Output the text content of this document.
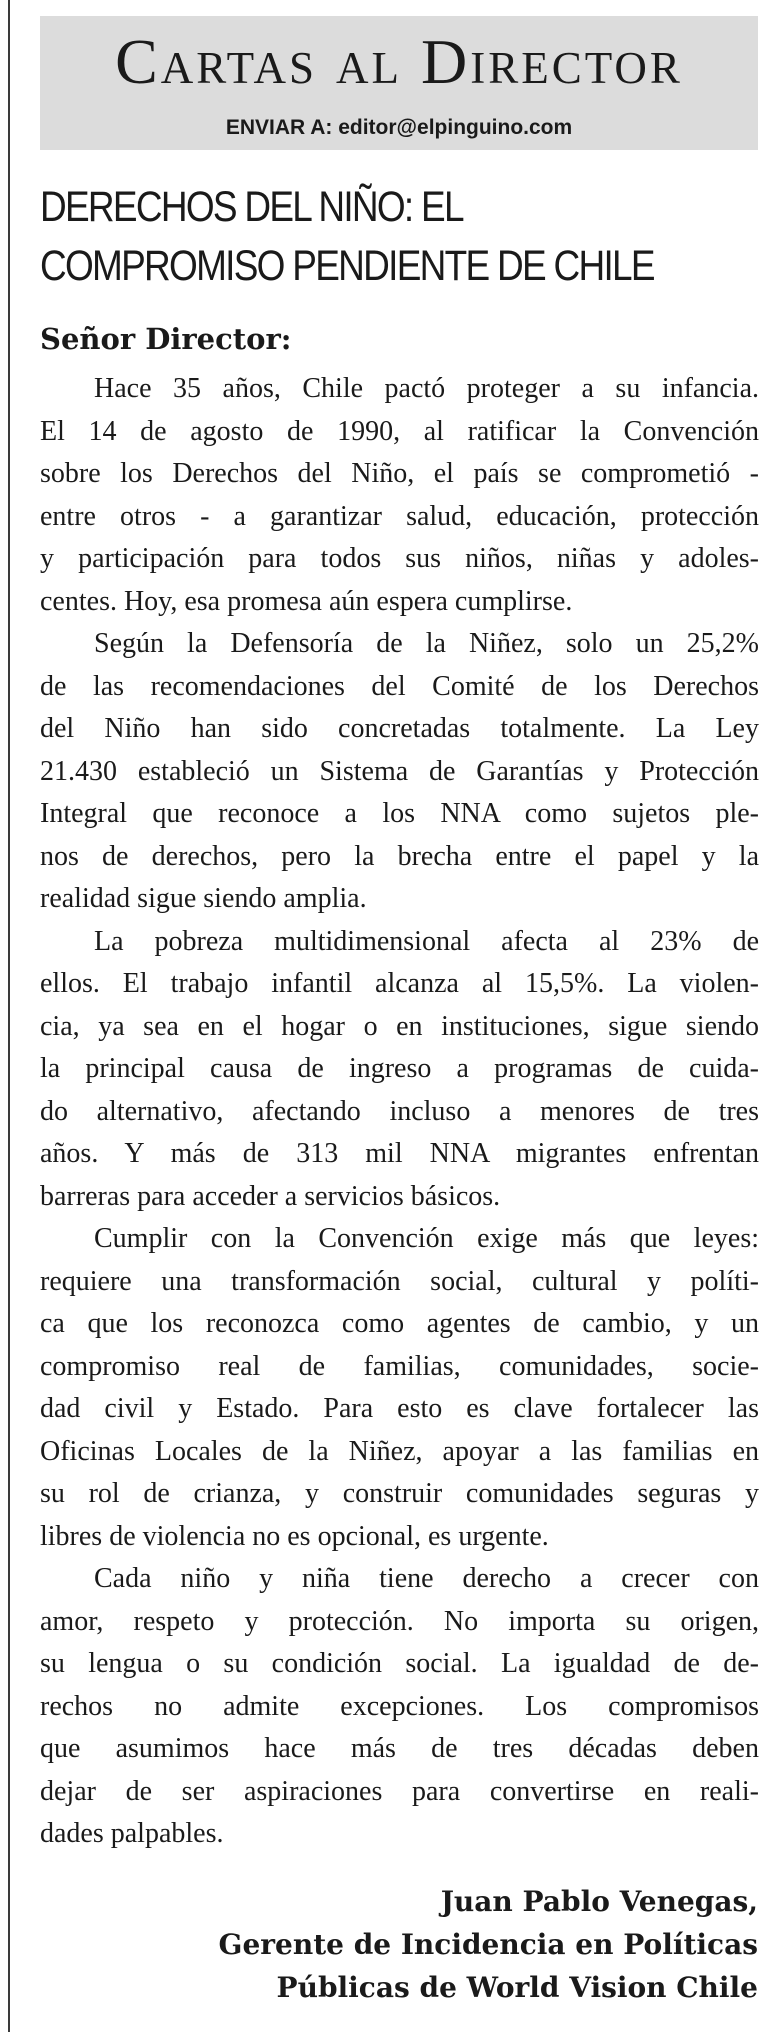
Cartas al Director
ENVIAR A: editor@elpinguino.com
DERECHOS DEL NIÑO: EL
COMPROMISO PENDIENTE DE CHILE
Señor Director:
Hace 35 años, Chile pactó proteger a su infancia.
El 14 de agosto de 1990, al ratificar la Convención
sobre los Derechos del Niño, el país se comprometió -
entre otros - a garantizar salud, educación, protección
y participación para todos sus niños, niñas y adoles-
centes. Hoy, esa promesa aún espera cumplirse.
Según la Defensoría de la Niñez, solo un 25,2%
de las recomendaciones del Comité de los Derechos
del Niño han sido concretadas totalmente. La Ley
21.430 estableció un Sistema de Garantías y Protección
Integral que reconoce a los NNA como sujetos ple-
nos de derechos, pero la brecha entre el papel y la
realidad sigue siendo amplia.
La pobreza multidimensional afecta al 23% de
ellos. El trabajo infantil alcanza al 15,5%. La violen-
cia, ya sea en el hogar o en instituciones, sigue siendo
la principal causa de ingreso a programas de cuida-
do alternativo, afectando incluso a menores de tres
años. Y más de 313 mil NNA migrantes enfrentan
barreras para acceder a servicios básicos.
Cumplir con la Convención exige más que leyes:
requiere una transformación social, cultural y políti-
ca que los reconozca como agentes de cambio, y un
compromiso real de familias, comunidades, socie-
dad civil y Estado. Para esto es clave fortalecer las
Oficinas Locales de la Niñez, apoyar a las familias en
su rol de crianza, y construir comunidades seguras y
libres de violencia no es opcional, es urgente.
Cada niño y niña tiene derecho a crecer con
amor, respeto y protección. No importa su origen,
su lengua o su condición social. La igualdad de de-
rechos no admite excepciones. Los compromisos
que asumimos hace más de tres décadas deben
dejar de ser aspiraciones para convertirse en reali-
dades palpables.
Juan Pablo Venegas,
Gerente de Incidencia en Políticas
Públicas de World Vision Chile
